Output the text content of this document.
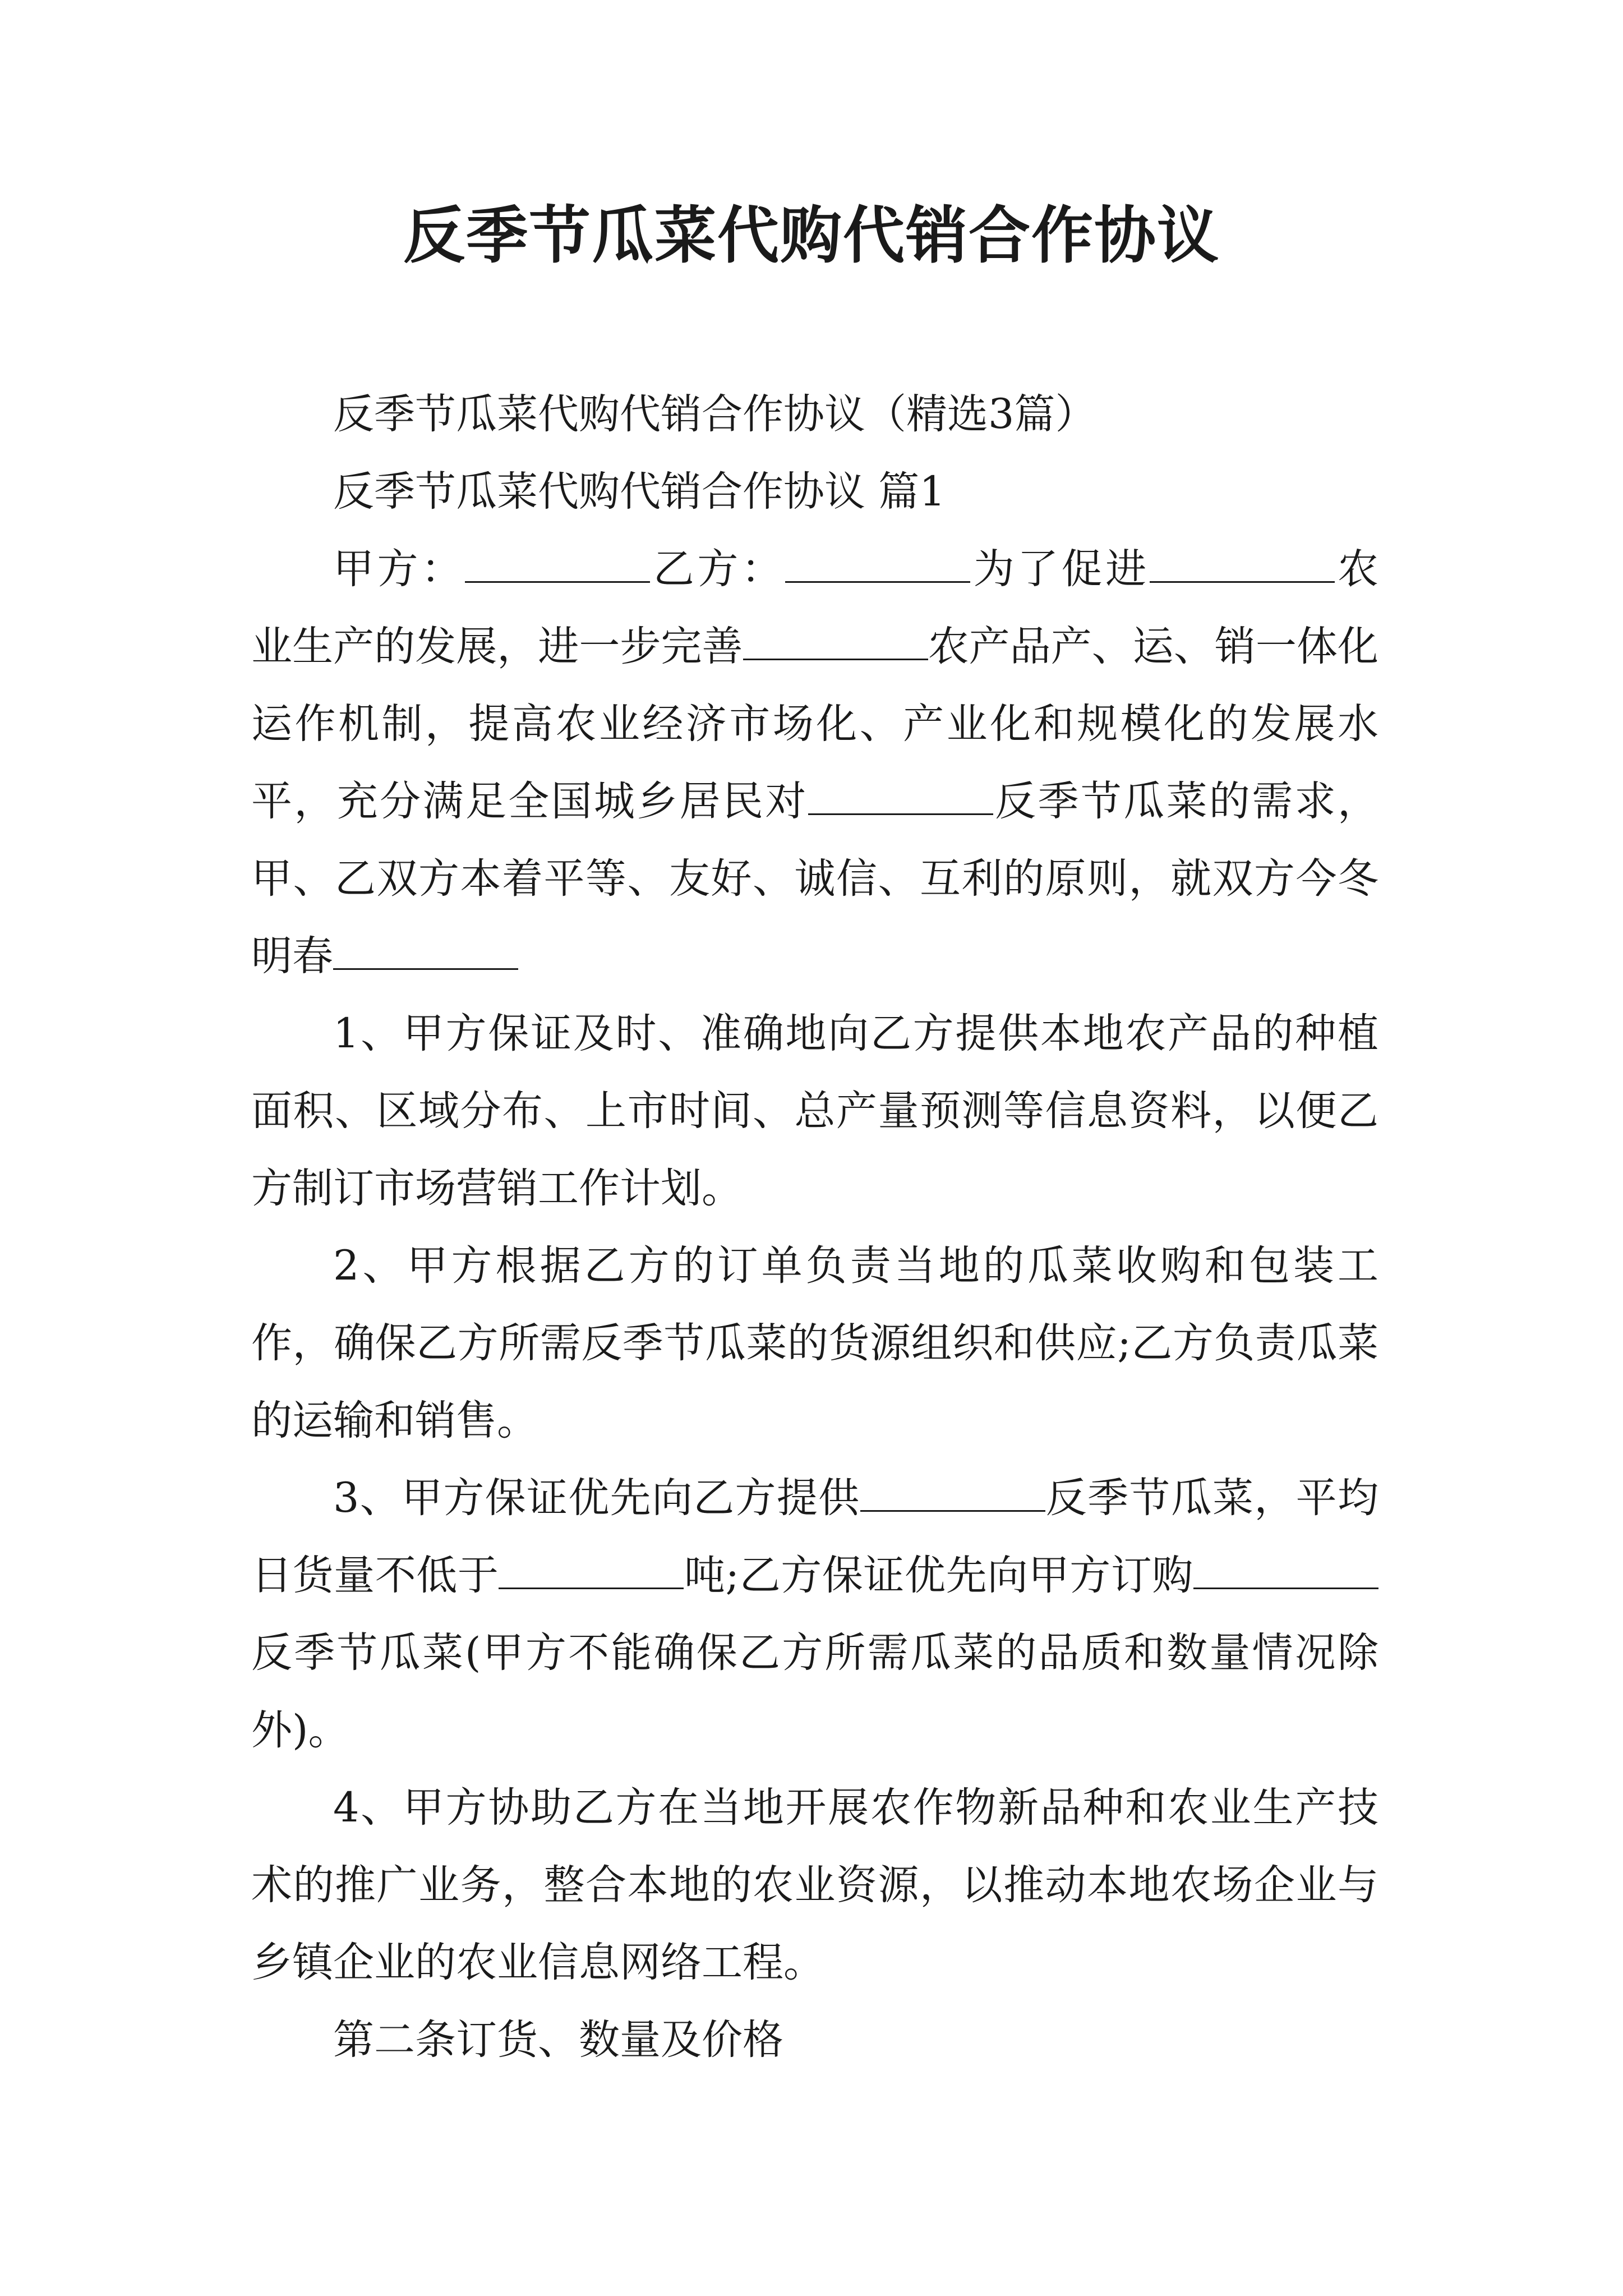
反季节瓜菜代购代销合作协议

反季节瓜菜代购代销合作协议（精选3篇）

反季节瓜菜代购代销合作协议 篇1

甲方：	乙方：	为了促进	农业生产的发展，进一步完善	农产品产、运、销一体化运作机制，提高农业经济市场化、产业化和规模化的发展水平，充分满足全国城乡居民对	反季节瓜菜的需求，甲、乙双方本着平等、友好、诚信、互利的原则，就双方今冬明春

1、甲方保证及时、准确地向乙方提供本地农产品的种植面积、区域分布、上市时间、总产量预测等信息资料，以便乙方制订市场营销工作计划。

2、甲方根据乙方的订单负责当地的瓜菜收购和包装工作，确保乙方所需反季节瓜菜的货源组织和供应;乙方负责瓜菜的运输和销售。

3、甲方保证优先向乙方提供	反季节瓜菜，平均日货量不低于	吨;乙方保证优先向甲方订购反季节瓜菜(甲方不能确保乙方所需瓜菜的品质和数量情况除外)。

4、甲方协助乙方在当地开展农作物新品种和农业生产技术的推广业务，整合本地的农业资源，以推动本地农场企业与乡镇企业的农业信息网络工程。

第二条订货、数量及价格
